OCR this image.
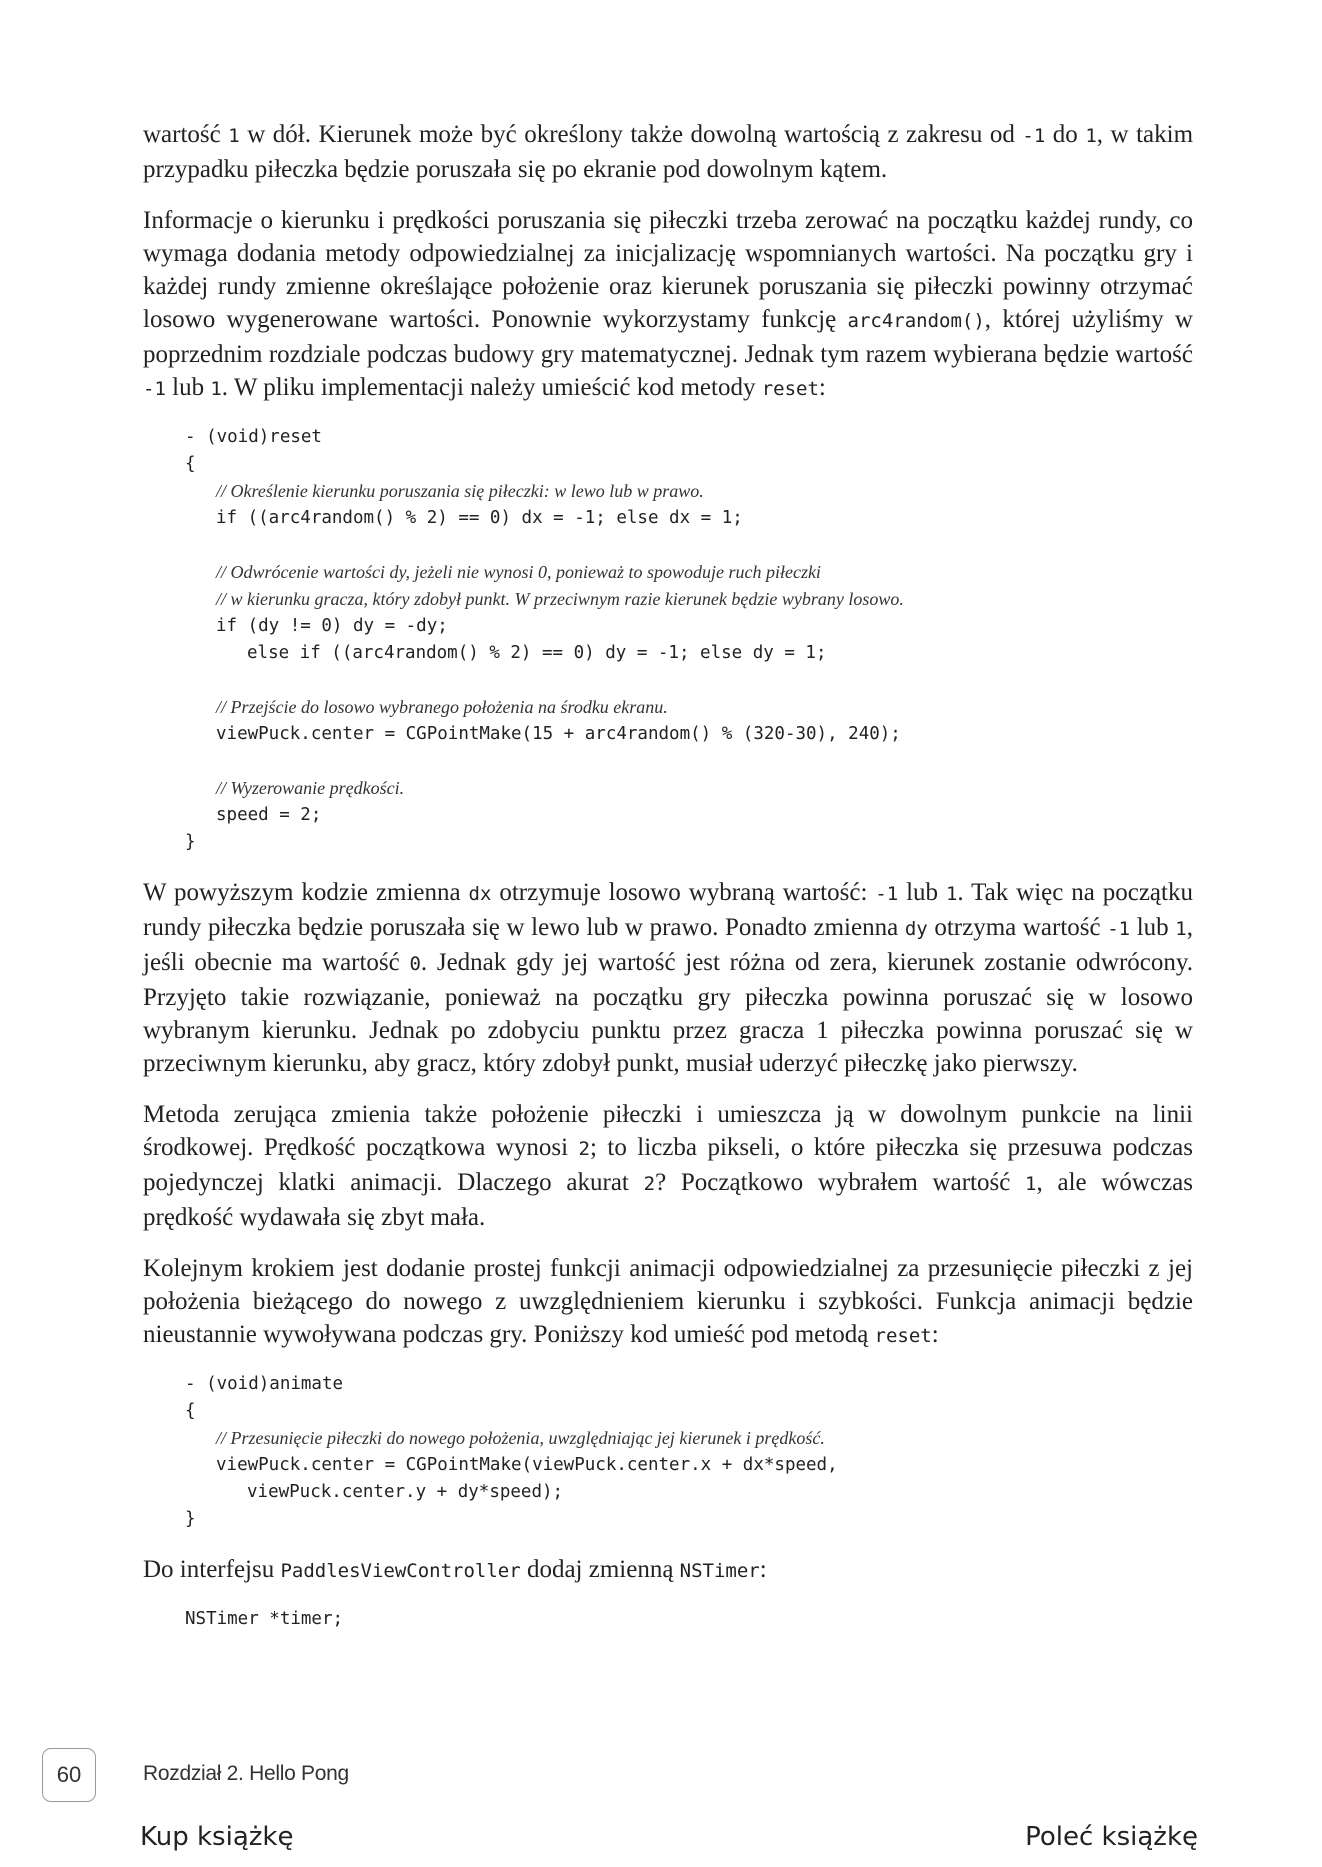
wartość 1 w dół. Kierunek może być określony także dowolną wartością z zakresu od -1 do 1, w takim przypadku piłeczka będzie poruszała się po ekranie pod dowolnym kątem.

Informacje o kierunku i prędkości poruszania się piłeczki trzeba zerować na początku każdej rundy, co wymaga dodania metody odpowiedzialnej za inicjalizację wspomnianych wartości. Na początku gry i każdej rundy zmienne określające położenie oraz kierunek poruszania się piłeczki powinny otrzymać losowo wygenerowane wartości. Ponownie wykorzystamy funkcję arc4random(), której użyliśmy w poprzednim rozdziale podczas budowy gry matematycznej. Jednak tym razem wybierana będzie wartość -1 lub 1. W pliku implementacji należy umieścić kod metody reset:

- (void)reset
{
// Określenie kierunku poruszania się piłeczki: w lewo lub w prawo.
if ((arc4random() % 2) == 0) dx = -1; else dx = 1;
// Odwrócenie wartości dy, jeżeli nie wynosi 0, ponieważ to spowoduje ruch piłeczki
// w kierunku gracza, który zdobył punkt. W przeciwnym razie kierunek będzie wybrany losowo.
if (dy != 0) dy = -dy;
else if ((arc4random() % 2) == 0) dy = -1; else dy = 1;
// Przejście do losowo wybranego położenia na środku ekranu.
viewPuck.center = CGPointMake(15 + arc4random() % (320-30), 240);
// Wyzerowanie prędkości.
speed = 2;
}

W powyższym kodzie zmienna dx otrzymuje losowo wybraną wartość: -1 lub 1. Tak więc na początku rundy piłeczka będzie poruszała się w lewo lub w prawo. Ponadto zmienna dy otrzyma wartość -1 lub 1, jeśli obecnie ma wartość 0. Jednak gdy jej wartość jest różna od zera, kierunek zostanie odwrócony. Przyjęto takie rozwiązanie, ponieważ na początku gry piłeczka powinna poruszać się w losowo wybranym kierunku. Jednak po zdobyciu punktu przez gracza 1 piłeczka powinna poruszać się w przeciwnym kierunku, aby gracz, który zdobył punkt, musiał uderzyć piłeczkę jako pierwszy.

Metoda zerująca zmienia także położenie piłeczki i umieszcza ją w dowolnym punkcie na linii środkowej. Prędkość początkowa wynosi 2; to liczba pikseli, o które piłeczka się przesuwa podczas pojedynczej klatki animacji. Dlaczego akurat 2? Początkowo wybrałem wartość 1, ale wówczas prędkość wydawała się zbyt mała.

Kolejnym krokiem jest dodanie prostej funkcji animacji odpowiedzialnej za przesunięcie piłeczki z jej położenia bieżącego do nowego z uwzględnieniem kierunku i szybkości. Funkcja animacji będzie nieustannie wywoływana podczas gry. Poniższy kod umieść pod metodą reset:

- (void)animate
{
// Przesunięcie piłeczki do nowego położenia, uwzględniając jej kierunek i prędkość.
viewPuck.center = CGPointMake(viewPuck.center.x + dx*speed,
viewPuck.center.y + dy*speed);
}

Do interfejsu PaddlesViewController dodaj zmienną NSTimer:

NSTimer *timer;
60	Rozdział 2. Hello Pong
Kup książkę	Poleć książkę
